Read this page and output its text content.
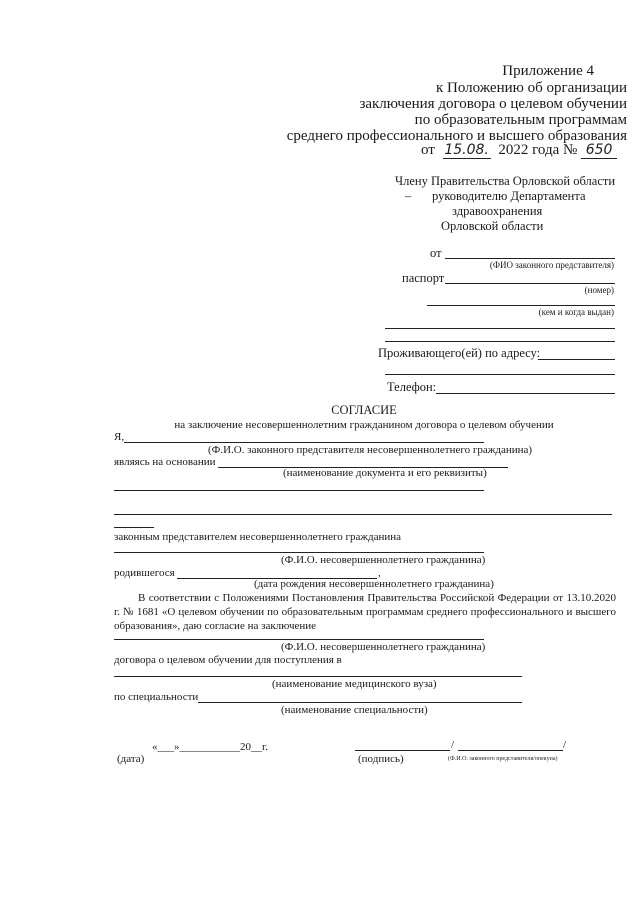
Приложение 4
к Положению об организации
заключения договора о целевом обучении
по образовательным программам
среднего профессионального и высшего образования
от 15.08. 2022 года № 650
Члену Правительства Орловской области
– руководителю Департамента
здравоохранения
Орловской области
от
(ФИО законного представителя)
паспорт
(номер)
(кем и когда выдан)
Проживающего(ей) по адресу:
Телефон:
СОГЛАСИЕ
на заключение несовершеннолетним гражданином договора о целевом обучении
Я,
(Ф.И.О. законного представителя несовершеннолетнего гражданина)
являясь на основании
(наименование документа и его реквизиты)
законным представителем несовершеннолетнего гражданина
(Ф.И.О. несовершеннолетнего гражданина)
родившегося	,
(дата рождения несовершеннолетнего гражданина)
В соответствии с Положениями Постановления Правительства Российской Федерации от 13.10.2020 г. № 1681 «О целевом обучении по образовательным программам среднего профессионального и высшего образования», даю согласие на заключение
(Ф.И.О. несовершеннолетнего гражданина)
договора о целевом обучении для поступления в
(наименование медицинского вуза)
по специальности
(наименование специальности)
«___»___________20__г.	/	/
(дата)	(подпись)	(Ф.И.О. законного представителя/опекуна)
